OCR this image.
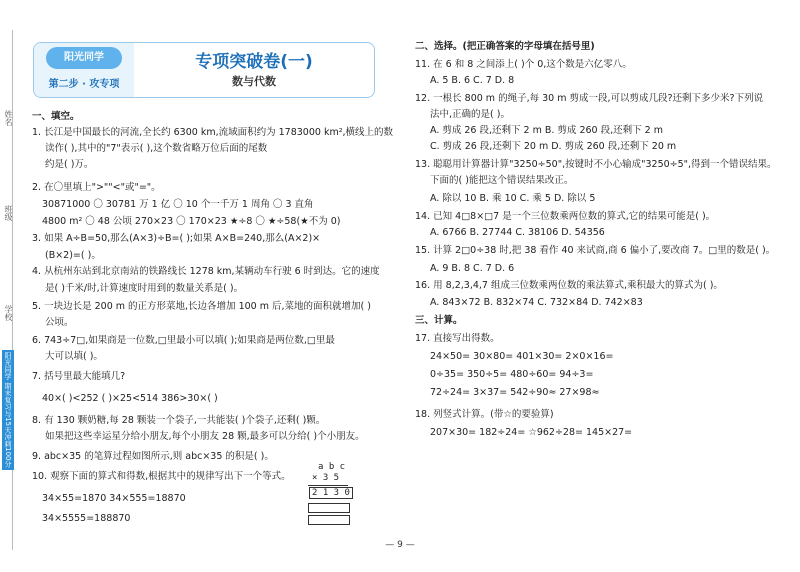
姓名
班级
学校
阳光同学 期末复习与15天冲刺100分
阳光同学
第二步 · 攻专项
专项突破卷(一)
数与代数
一、填空。
1. 长江是中国最长的河流,全长约 6300 km,流域面积约为 1783000 km²,横线上的数
读作( ),其中的"7"表示( ),这个数省略万位后面的尾数
约是( )万。
2. 在〇里填上">""<"或"="。
30871000 〇 30781 万 1 亿 〇 10 个一千万 1 周角 〇 3 直角
4800 m² 〇 48 公顷 270×23 〇 170×23 ★÷8 〇 ★÷58(★不为 0)
3. 如果 A÷B=50,那么(A×3)÷B=( );如果 A×B=240,那么(A×2)×
(B×2)=( )。
4. 从杭州东站到北京南站的铁路线长 1278 km,某辆动车行驶 6 时到达。它的速度
是( )千米/时,计算速度时用到的数量关系是( )。
5. 一块边长是 200 m 的正方形菜地,长边各增加 100 m 后,菜地的面积就增加( )
公顷。
6. 743÷7□,如果商是一位数,□里最小可以填( );如果商是两位数,□里最
大可以填( )。
7. 括号里最大能填几?
40×( )<252 ( )×25<514 386>30×( )
8. 有 130 颗奶糖,每 28 颗装一个袋子,一共能装( )个袋子,还剩( )颗。
如果把这些幸运星分给小朋友,每个小朋友 28 颗,最多可以分给( )个小朋友。
9. abc×35 的笔算过程如图所示,则 abc×35 的积是( )。
10. 观察下面的算式和得数,根据其中的规律写出下一个等式。
34×55=1870 34×555=18870
34×5555=188870
a b c
× 3 5
2 1 3 0
二、选择。(把正确答案的字母填在括号里)
11. 在 6 和 8 之间添上( )个 0,这个数是六亿零八。
A. 5 B. 6 C. 7 D. 8
12. 一根长 800 m 的绳子,每 30 m 剪成一段,可以剪成几段?还剩下多少米?下列说
法中,正确的是( )。
A. 剪成 26 段,还剩下 2 m B. 剪成 260 段,还剩下 2 m
C. 剪成 26 段,还剩下 20 m D. 剪成 260 段,还剩下 20 m
13. 聪聪用计算器计算"3250÷50",按键时不小心输成"3250÷5",得到一个错误结果。
下面的( )能把这个错误结果改正。
A. 除以 10 B. 乘 10 C. 乘 5 D. 除以 5
14. 已知 4□8×□7 是一个三位数乘两位数的算式,它的结果可能是( )。
A. 6766 B. 27744 C. 38106 D. 54356
15. 计算 2□0÷38 时,把 38 看作 40 来试商,商 6 偏小了,要改商 7。□里的数是( )。
A. 9 B. 8 C. 7 D. 6
16. 用 8,2,3,4,7 组成三位数乘两位数的乘法算式,乘积最大的算式为( )。
A. 843×72 B. 832×74 C. 732×84 D. 742×83
三、计算。
17. 直接写出得数。
24×50= 30×80= 401×30= 2×0×16=
0÷35= 350÷5= 480÷60= 94÷3=
72÷24= 3×37= 542÷90≈ 27×98≈
18. 列竖式计算。(带☆的要验算)
207×30= 182÷24= ☆962÷28= 145×27=
— 9 —
